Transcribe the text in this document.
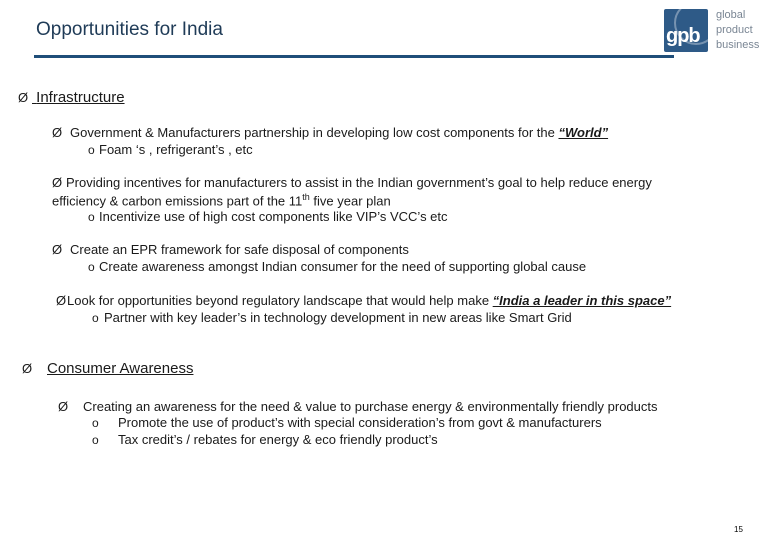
Opportunities for India	gpb
global
product
business
Ø Infrastructure
Ø Government & Manufacturers partnership in developing low cost components for the “World”
o Foam ‘s , refrigerant’s , etc
Ø Providing incentives for manufacturers to assist in the Indian government’s goal to help reduce energy
efficiency & carbon emissions part of the 11th five year plan
o Incentivize use of high cost components like VIP’s VCC’s etc
Ø Create an EPR framework for safe disposal of components
o Create awareness amongst Indian consumer for the need of supporting global cause
Ø Look for opportunities beyond regulatory landscape that would help make “India a leader in this space”
o Partner with key leader’s in technology development in new areas like Smart Grid
Ø Consumer Awareness
Ø Creating an awareness for the need & value to purchase energy & environmentally friendly products
o Promote the use of product’s with special consideration’s from govt & manufacturers
o Tax credit’s / rebates for energy & eco friendly product’s
15
